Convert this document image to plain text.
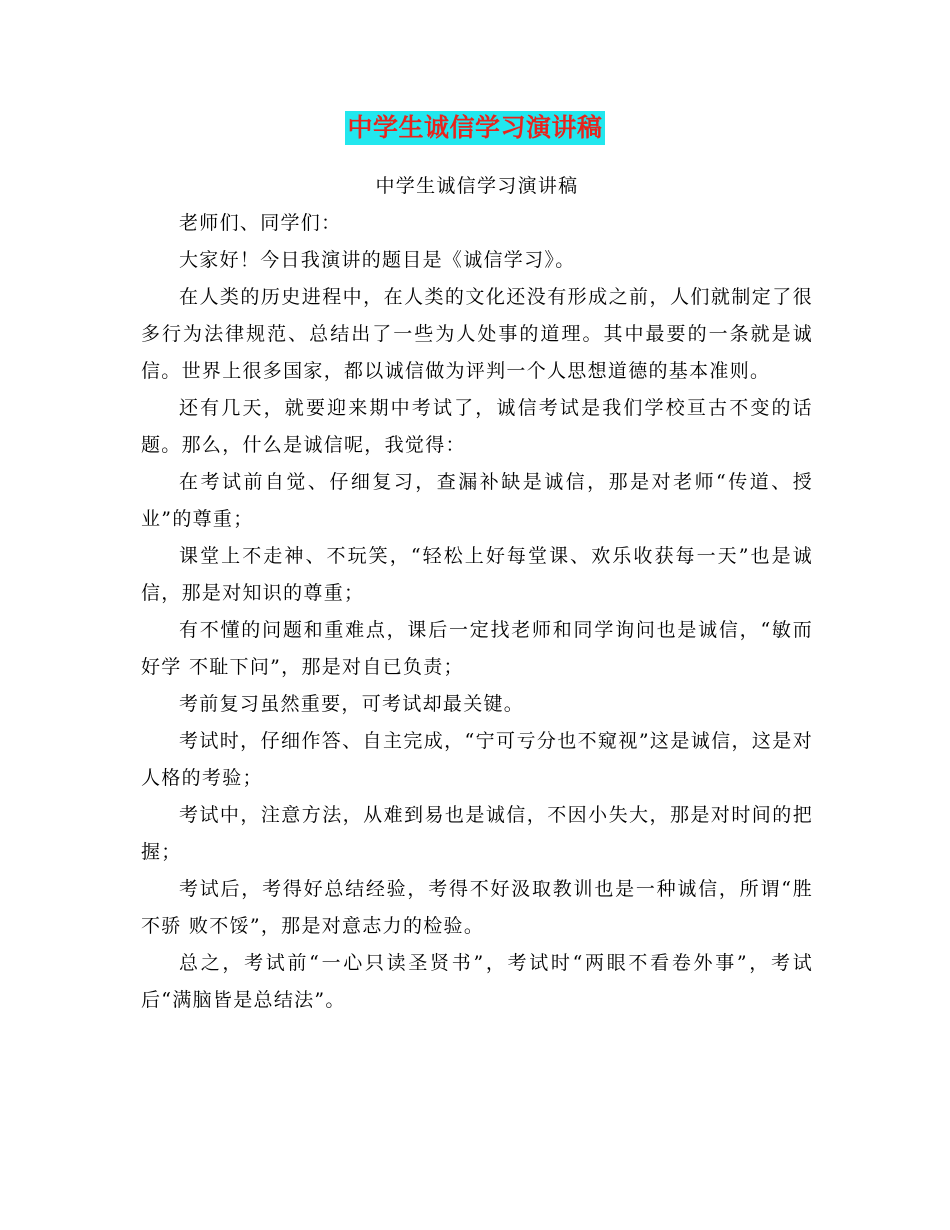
中学生诚信学习演讲稿

中学生诚信学习演讲稿

老师们、同学们：

大家好！今日我演讲的题目是《诚信学习》。

在人类的历史进程中，在人类的文化还没有形成之前，人们就制定了很多行为法律规范、总结出了一些为人处事的道理。其中最要的一条就是诚信。世界上很多国家，都以诚信做为评判一个人思想道德的基本准则。

还有几天，就要迎来期中考试了，诚信考试是我们学校亘古不变的话题。那么，什么是诚信呢，我觉得：

在考试前自觉、仔细复习，查漏补缺是诚信，那是对老师“传道、授业”的尊重；

课堂上不走神、不玩笑，“轻松上好每堂课、欢乐收获每一天”也是诚信，那是对知识的尊重；

有不懂的问题和重难点，课后一定找老师和同学询问也是诚信，“敏而好学 不耻下问”，那是对自已负责；

考前复习虽然重要，可考试却最关键。

考试时，仔细作答、自主完成，“宁可亏分也不窥视”这是诚信，这是对人格的考验；

考试中，注意方法，从难到易也是诚信，不因小失大，那是对时间的把握；

考试后，考得好总结经验，考得不好汲取教训也是一种诚信，所谓“胜不骄 败不馁”，那是对意志力的检验。

总之，考试前“一心只读圣贤书”，考试时“两眼不看卷外事”，考试后“满脑皆是总结法”。
